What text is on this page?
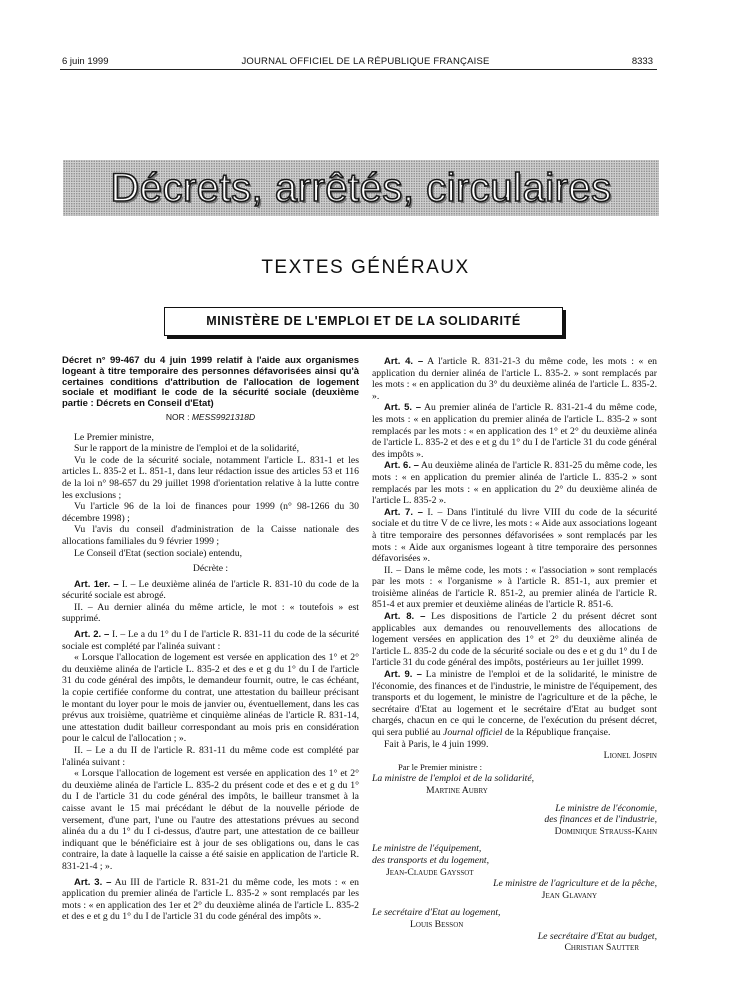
6 juin 1999	JOURNAL OFFICIEL DE LA RÉPUBLIQUE FRANÇAISE	8333
Décrets, arrêtés, circulaires
TEXTES GÉNÉRAUX
MINISTÈRE DE L'EMPLOI ET DE LA SOLIDARITÉ

Décret n° 99-467 du 4 juin 1999 relatif à l'aide aux organismes logeant à titre temporaire des personnes défavorisées ainsi qu'à certaines conditions d'attribution de l'allocation de logement sociale et modifiant le code de la sécurité sociale (deuxième partie : Décrets en Conseil d'Etat)

NOR : MESS9921318D

Le Premier ministre,

Sur le rapport de la ministre de l'emploi et de la solidarité,

Vu le code de la sécurité sociale, notamment l'article L. 831-1 et les articles L. 835-2 et L. 851-1, dans leur rédaction issue des articles 53 et 116 de la loi n° 98-657 du 29 juillet 1998 d'orientation relative à la lutte contre les exclusions ;

Vu l'article 96 de la loi de finances pour 1999 (n° 98-1266 du 30 décembre 1998) ;

Vu l'avis du conseil d'administration de la Caisse nationale des allocations familiales du 9 février 1999 ;

Le Conseil d'Etat (section sociale) entendu,

Décrète :

Art. 1er. – I. – Le deuxième alinéa de l'article R. 831-10 du code de la sécurité sociale est abrogé.

II. – Au dernier alinéa du même article, le mot : « toutefois » est supprimé.

Art. 2. – I. – Le a du 1° du I de l'article R. 831-11 du code de la sécurité sociale est complété par l'alinéa suivant :

« Lorsque l'allocation de logement est versée en application des 1° et 2° du deuxième alinéa de l'article L. 835-2 et des e et g du 1° du I de l'article 31 du code général des impôts, le demandeur fournit, outre, le cas échéant, la copie certifiée conforme du contrat, une attestation du bailleur précisant le montant du loyer pour le mois de janvier ou, éventuellement, dans les cas prévus aux troisième, quatrième et cinquième alinéas de l'article R. 831-14, une attestation dudit bailleur correspondant au mois pris en considération pour le calcul de l'allocation ; ».

II. – Le a du II de l'article R. 831-11 du même code est complété par l'alinéa suivant :

« Lorsque l'allocation de logement est versée en application des 1° et 2° du deuxième alinéa de l'article L. 835-2 du présent code et des e et g du 1° du I de l'article 31 du code général des impôts, le bailleur transmet à la caisse avant le 15 mai précédant le début de la nouvelle période de versement, d'une part, l'une ou l'autre des attestations prévues au second alinéa du a du 1° du I ci-dessus, d'autre part, une attestation de ce bailleur indiquant que le bénéficiaire est à jour de ses obligations ou, dans le cas contraire, la date à laquelle la caisse a été saisie en application de l'article R. 831-21-4 ; ».

Art. 3. – Au III de l'article R. 831-21 du même code, les mots : « en application du premier alinéa de l'article L. 835-2 » sont remplacés par les mots : « en application des 1er et 2° du deuxième alinéa de l'article L. 835-2 et des e et g du 1° du I de l'article 31 du code général des impôts ».

Art. 4. – A l'article R. 831-21-3 du même code, les mots : « en application du dernier alinéa de l'article L. 835-2. » sont remplacés par les mots : « en application du 3° du deuxième alinéa de l'article L. 835-2. ».

Art. 5. – Au premier alinéa de l'article R. 831-21-4 du même code, les mots : « en application du premier alinéa de l'article L. 835-2 » sont remplacés par les mots : « en application des 1° et 2° du deuxième alinéa de l'article L. 835-2 et des e et g du 1° du I de l'article 31 du code général des impôts ».

Art. 6. – Au deuxième alinéa de l'article R. 831-25 du même code, les mots : « en application du premier alinéa de l'article L. 835-2 » sont remplacés par les mots : « en application du 2° du deuxième alinéa de l'article L. 835-2 ».

Art. 7. – I. – Dans l'intitulé du livre VIII du code de la sécurité sociale et du titre V de ce livre, les mots : « Aide aux associations logeant à titre temporaire des personnes défavorisées » sont remplacés par les mots : « Aide aux organismes logeant à titre temporaire des personnes défavorisées ».

II. – Dans le même code, les mots : « l'association » sont remplacés par les mots : « l'organisme » à l'article R. 851-1, aux premier et troisième alinéas de l'article R. 851-2, au premier alinéa de l'article R. 851-4 et aux premier et deuxième alinéas de l'article R. 851-6.

Art. 8. – Les dispositions de l'article 2 du présent décret sont applicables aux demandes ou renouvellements des allocations de logement versées en application des 1° et 2° du deuxième alinéa de l'article L. 835-2 du code de la sécurité sociale ou des e et g du 1° du I de l'article 31 du code général des impôts, postérieurs au 1er juillet 1999.

Art. 9. – La ministre de l'emploi et de la solidarité, le ministre de l'économie, des finances et de l'industrie, le ministre de l'équipement, des transports et du logement, le ministre de l'agriculture et de la pêche, le secrétaire d'Etat au logement et le secrétaire d'Etat au budget sont chargés, chacun en ce qui le concerne, de l'exécution du présent décret, qui sera publié au Journal officiel de la République française.

Fait à Paris, le 4 juin 1999.

Lionel Jospin
Par le Premier ministre :
La ministre de l'emploi et de la solidarité,
Martine Aubry
Le ministre de l'économie,
des finances et de l'industrie,
Dominique Strauss-Kahn
Le ministre de l'équipement,
des transports et du logement,
Jean-Claude Gayssot
Le ministre de l'agriculture et de la pêche,
Jean Glavany
Le secrétaire d'Etat au logement,
Louis Besson
Le secrétaire d'Etat au budget,
Christian Sautter
